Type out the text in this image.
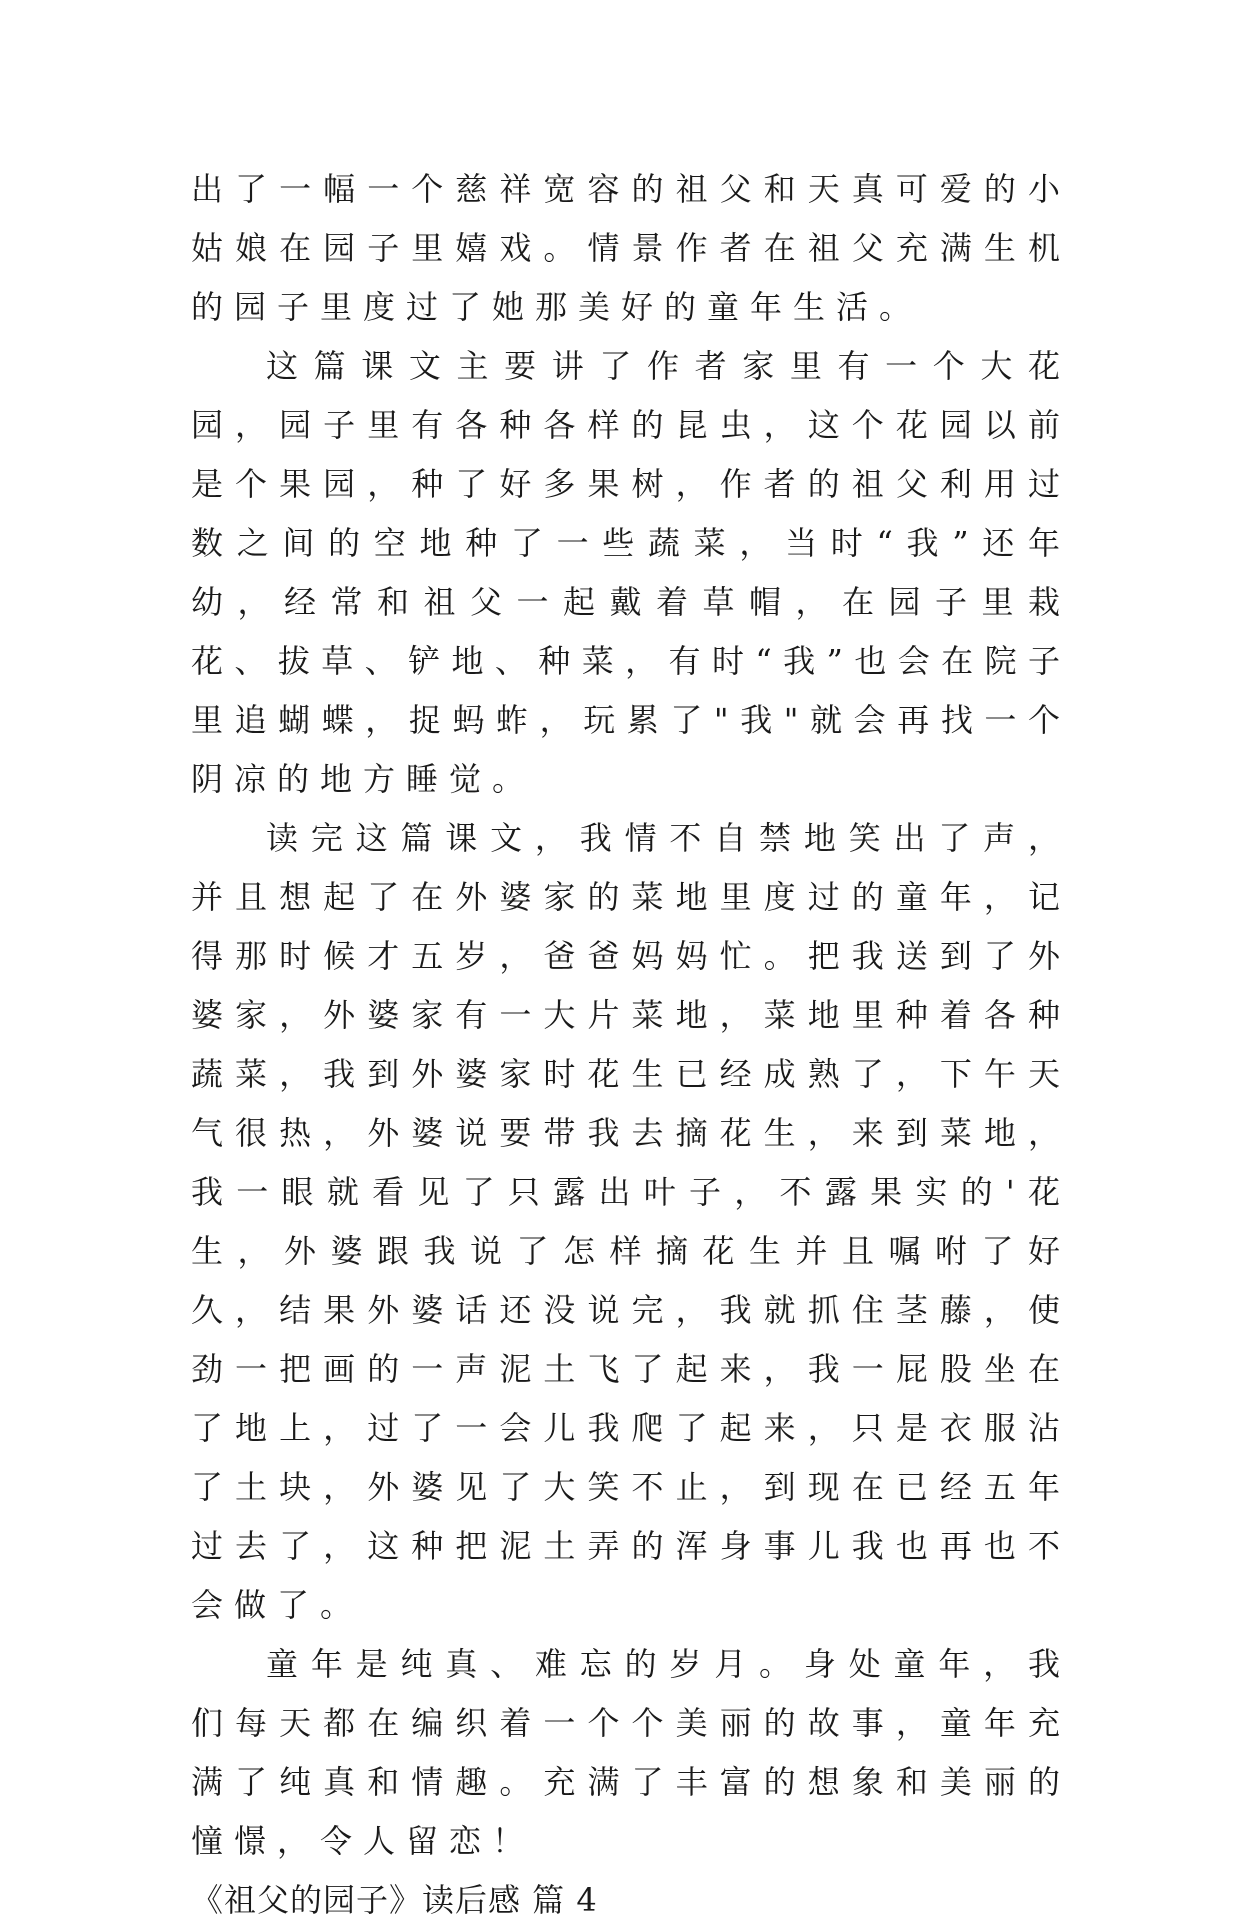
出了一幅一个慈祥宽容的祖父和天真可爱的小姑娘在园子里嬉戏。情景作者在祖父充满生机的园子里度过了她那美好的童年生活。

这篇课文主要讲了作者家里有一个大花园，园子里有各种各样的昆虫，这个花园以前是个果园，种了好多果树，作者的祖父利用过数之间的空地种了一些蔬菜，当时“我”还年幼，经常和祖父一起戴着草帽，在园子里栽花、拔草、铲地、种菜，有时“我”也会在院子里追蝴蝶，捉蚂蚱，玩累了"我"就会再找一个阴凉的地方睡觉。

读完这篇课文，我情不自禁地笑出了声，并且想起了在外婆家的菜地里度过的童年，记得那时候才五岁，爸爸妈妈忙。把我送到了外婆家，外婆家有一大片菜地，菜地里种着各种蔬菜，我到外婆家时花生已经成熟了，下午天气很热，外婆说要带我去摘花生，来到菜地，我一眼就看见了只露出叶子，不露果实的'花生，外婆跟我说了怎样摘花生并且嘱咐了好久，结果外婆话还没说完，我就抓住茎藤，使劲一把画的一声泥土飞了起来，我一屁股坐在了地上，过了一会儿我爬了起来，只是衣服沾了土块，外婆见了大笑不止，到现在已经五年过去了，这种把泥土弄的浑身事儿我也再也不会做了。

童年是纯真、难忘的岁月。身处童年，我们每天都在编织着一个个美丽的故事，童年充满了纯真和情趣。充满了丰富的想象和美丽的憧憬，令人留恋！

《祖父的园子》读后感 篇 4
